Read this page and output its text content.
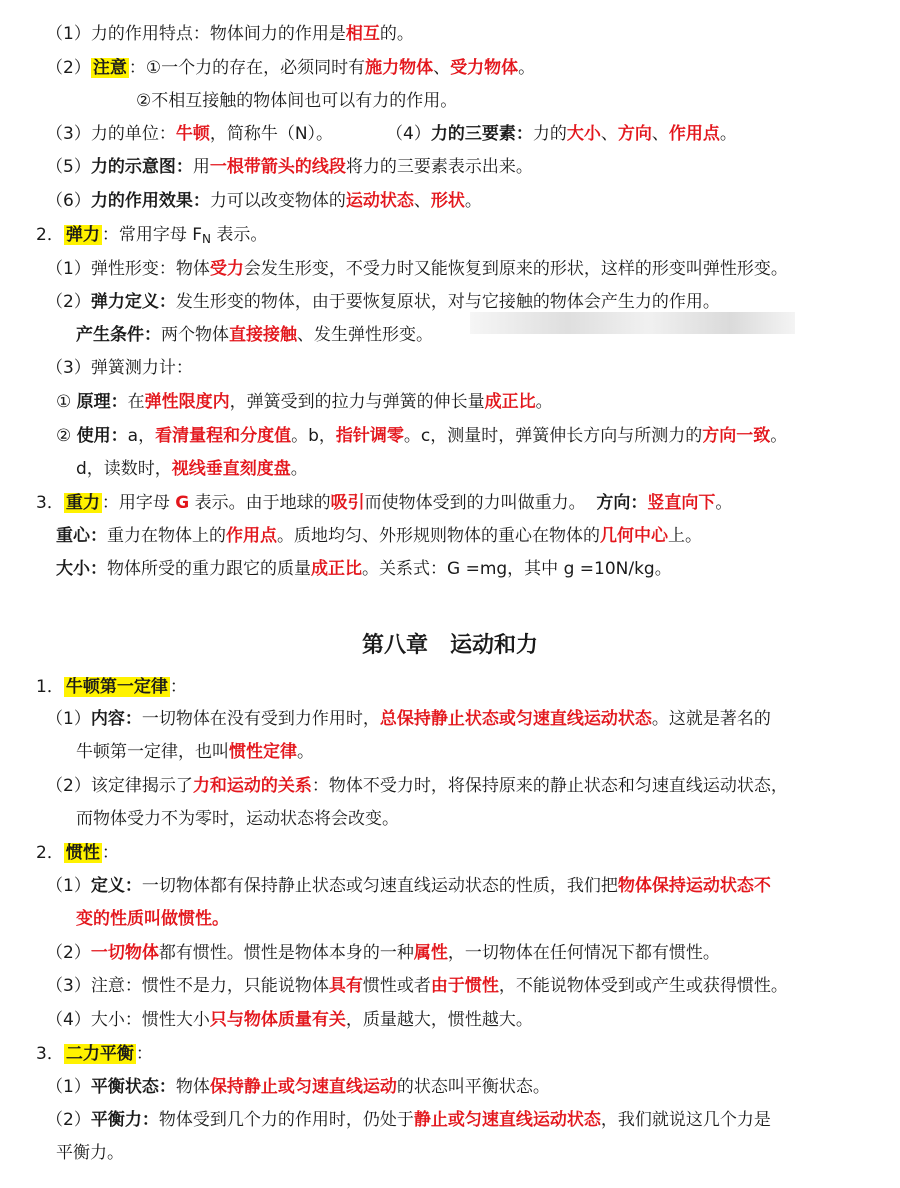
（1）力的作用特点：物体间力的作用是相互的。
（2） 注意 ：①一个力的存在，必须同时有施力物体、受力物体。
②不相互接触的物体间也可以有力的作用。
（3）力的单位：牛顿，简称牛（N）。	（4）力的三要素：力的大小、方向、作用点。
（5）力的示意图：用一根带箭头的线段将力的三要素表示出来。
（6）力的作用效果：力可以改变物体的运动状态、形状。
2． 弹力 ：常用字母 $F_N$ 表示。
（1）弹性形变：物体受力会发生形变，不受力时又能恢复到原来的形状，这样的形变叫弹性形变。
（2）弹力定义：发生形变的物体，由于要恢复原状，对与它接触的物体会产生力的作用。
产生条件：两个物体直接接触、发生弹性形变。
（3）弹簧测力计：
① 原理：在弹性限度内，弹簧受到的拉力与弹簧的伸长量成正比。
② 使用：a，看清量程和分度值。b，指针调零。c，测量时，弹簧伸长方向与所测力的方向一致。
d，读数时，视线垂直刻度盘。
3． 重力 ：用字母 G 表示。由于地球的吸引而使物体受到的力叫做重力。  方向：竖直向下。
重心：重力在物体上的作用点。质地均匀、外形规则物体的重心在物体的几何中心上。
大小：物体所受的重力跟它的质量成正比。关系式：G =mg，其中 g =10N/kg。
第八章　运动和力
1． 牛顿第一定律 ：
（1）内容：一切物体在没有受到力作用时，总保持静止状态或匀速直线运动状态。这就是著名的
牛顿第一定律，也叫惯性定律。
（2）该定律揭示了力和运动的关系：物体不受力时，将保持原来的静止状态和匀速直线运动状态，
而物体受力不为零时，运动状态将会改变。
2． 惯性 ：
（1）定义：一切物体都有保持静止状态或匀速直线运动状态的性质，我们把物体保持运动状态不
变的性质叫做惯性。
（2）一切物体都有惯性。惯性是物体本身的一种属性，一切物体在任何情况下都有惯性。
（3）注意：惯性不是力，只能说物体具有惯性或者由于惯性，不能说物体受到或产生或获得惯性。
（4）大小：惯性大小只与物体质量有关，质量越大，惯性越大。
3． 二力平衡 ：
（1）平衡状态：物体保持静止或匀速直线运动的状态叫平衡状态。
（2）平衡力：物体受到几个力的作用时，仍处于静止或匀速直线运动状态，我们就说这几个力是
平衡力。
